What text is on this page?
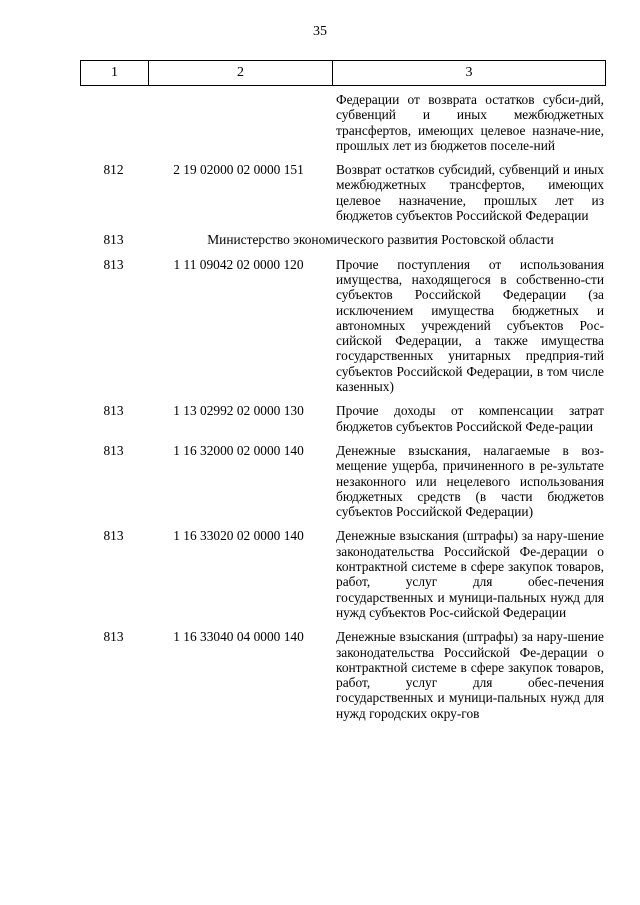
35
1	2	3
Федерации от возврата остатков субси-дий, субвенций и иных межбюджетных трансфертов, имеющих целевое назначе-ние, прошлых лет из бюджетов поселе-ний
812	2 19 02000 02 0000 151	Возврат остатков субсидий, субвенций и иных межбюджетных трансфертов, имеющих целевое назначение, прошлых лет из бюджетов субъектов Российской Федерации
813	Министерство экономического развития Ростовской области
813	1 11 09042 02 0000 120	Прочие поступления от использования имущества, находящегося в собственно-сти субъектов Российской Федерации (за исключением имущества бюджетных и автономных учреждений субъектов Рос-сийской Федерации, а также имущества государственных унитарных предприя-тий субъектов Российской Федерации, в том числе казенных)
813	1 13 02992 02 0000 130	Прочие доходы от компенсации затрат бюджетов субъектов Российской Феде-рации
813	1 16 32000 02 0000 140	Денежные взыскания, налагаемые в воз-мещение ущерба, причиненного в ре-зультате незаконного или нецелевого использования бюджетных средств (в части бюджетов субъектов Российской Федерации)
813	1 16 33020 02 0000 140	Денежные взыскания (штрафы) за нару-шение законодательства Российской Фе-дерации о контрактной системе в сфере закупок товаров, работ, услуг для обес-печения государственных и муници-пальных нужд для нужд субъектов Рос-сийской Федерации
813	1 16 33040 04 0000 140	Денежные взыскания (штрафы) за нару-шение законодательства Российской Фе-дерации о контрактной системе в сфере закупок товаров, работ, услуг для обес-печения государственных и муници-пальных нужд для нужд городских окру-гов
